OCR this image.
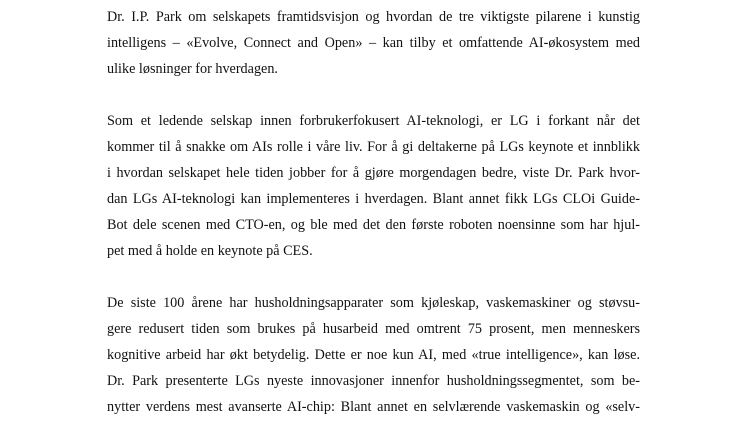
Dr. I.P. Park om selskapets framtidsvisjon og hvordan de tre viktigste pilarene i kunstig
intelligens – «Evolve, Connect and Open» – kan tilby et omfattende AI-økosystem med
ulike løsninger for hverdagen.
Som et ledende selskap innen forbrukerfokusert AI-teknologi, er LG i forkant når det
kommer til å snakke om AIs rolle i våre liv. For å gi deltakerne på LGs keynote et innblikk
i hvordan selskapet hele tiden jobber for å gjøre morgendagen bedre, viste Dr. Park hvor-
dan LGs AI-teknologi kan implementeres i hverdagen. Blant annet fikk LGs CLOi Guide-
Bot dele scenen med CTO-en, og ble med det den første roboten noensinne som har hjul-
pet med å holde en keynote på CES.
De siste 100 årene har husholdningsapparater som kjøleskap, vaskemaskiner og støvsu-
gere redusert tiden som brukes på husarbeid med omtrent 75 prosent, men menneskers
kognitive arbeid har økt betydelig. Dette er noe kun AI, med «true intelligence», kan løse.
Dr. Park presenterte LGs nyeste innovasjoner innenfor husholdningssegmentet, som be-
nytter verdens mest avanserte AI-chip: Blant annet en selvlærende vaskemaskin og «selv-
